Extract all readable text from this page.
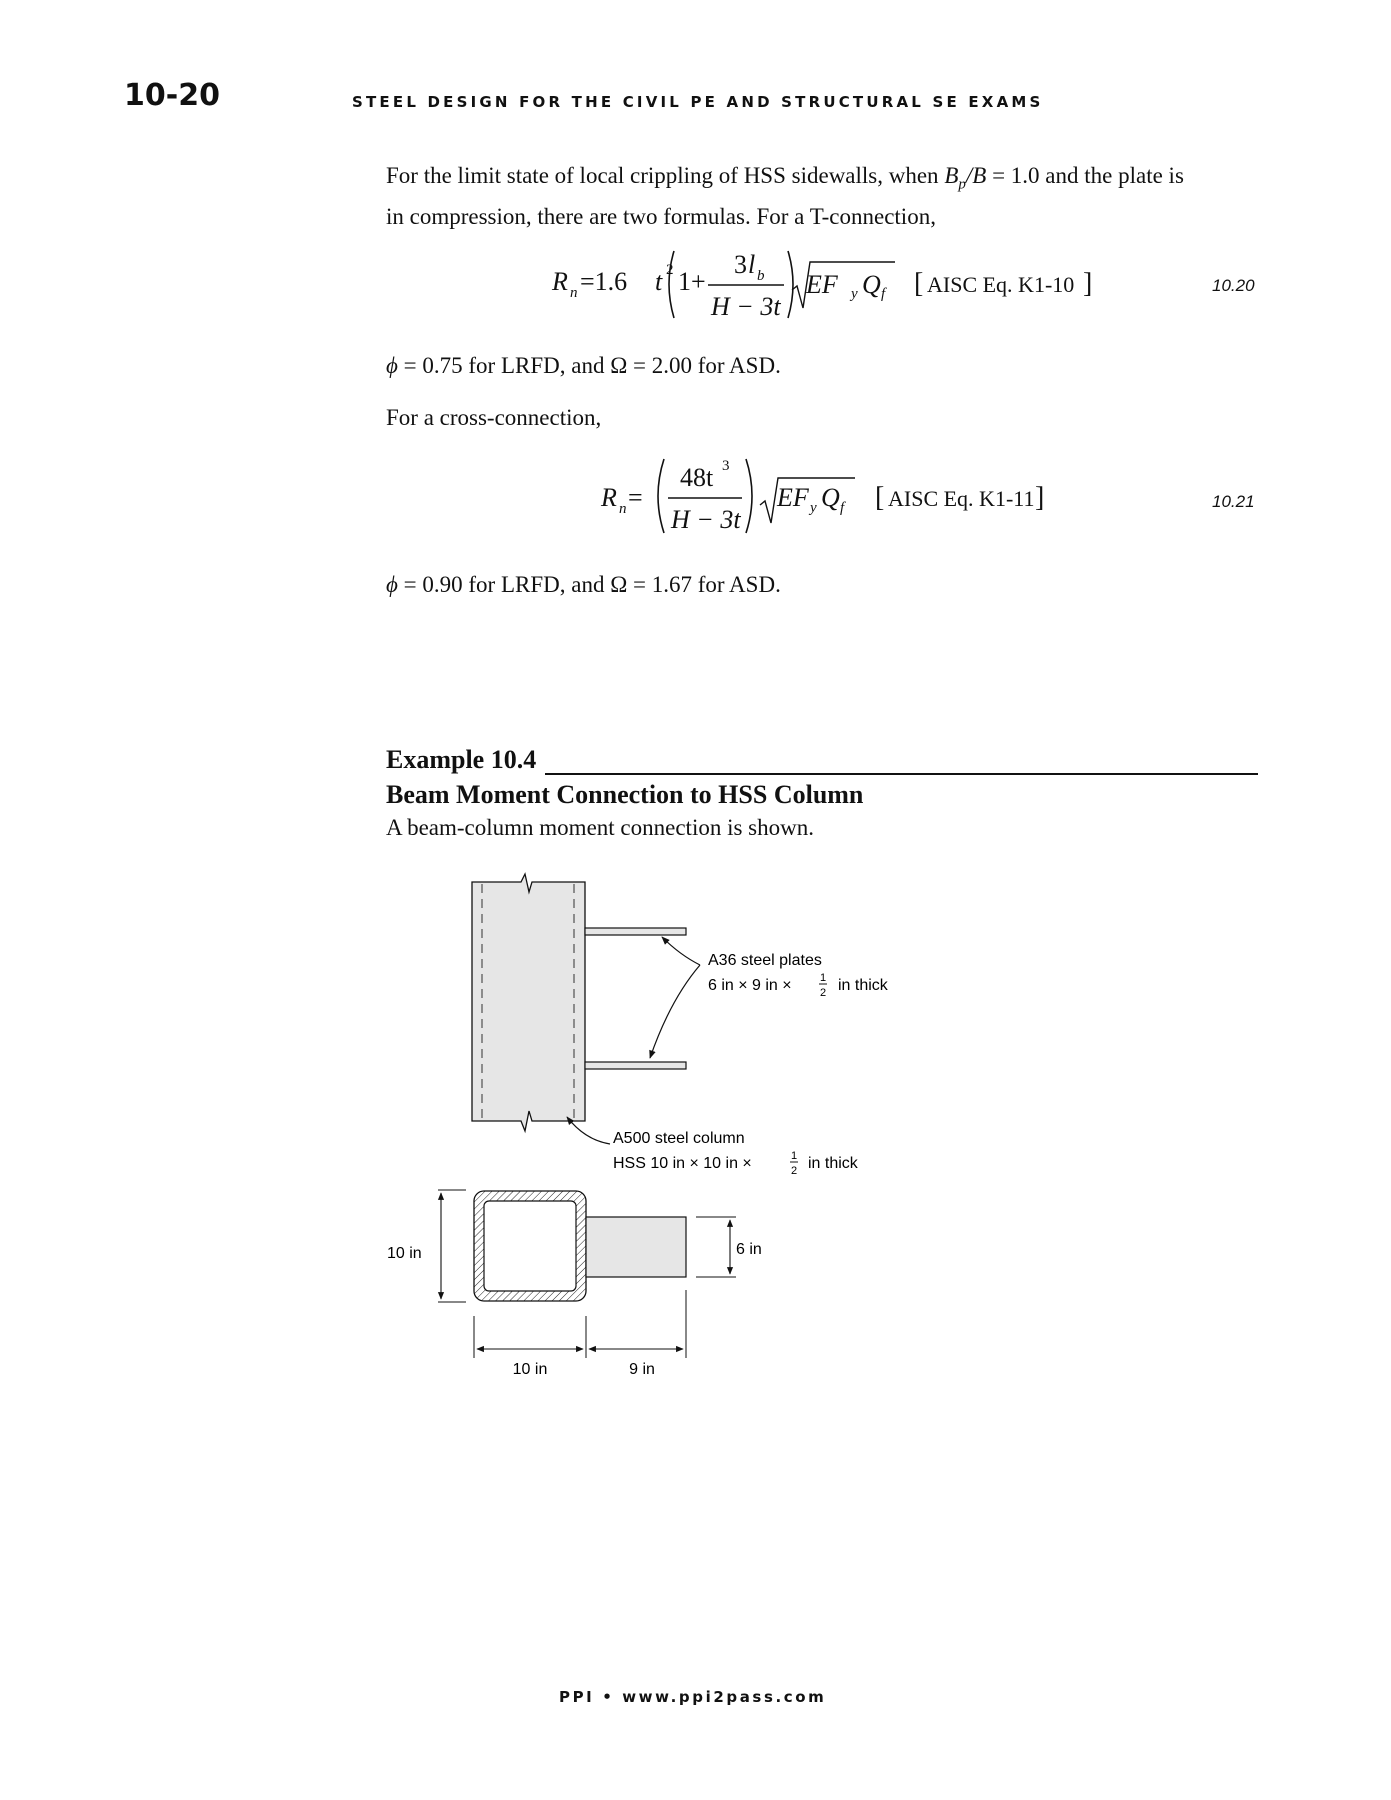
10-20	STEEL DESIGN FOR THE CIVIL PE AND STRUCTURAL SE EXAMS
For the limit state of local crippling of HSS sidewalls, when $B_p/B = 1.0$ and the plate is
in compression, there are two formulas. For a T-connection,
R n =1.6 t 2 1+
3 l b
H − 3t
EF y Q f [ AISC Eq. K1-10 ]	10.20
ϕ = 0.75 for LRFD, and Ω = 2.00 for ASD.
For a cross-connection,
R n =
48t 3
H − 3t
EF y Q f [ AISC Eq. K1-11 ]	10.21
ϕ = 0.90 for LRFD, and Ω = 1.67 for ASD.
Example 10.4
Beam Moment Connection to HSS Column
A beam-column moment connection is shown.
A36 steel plates
6 in × 9 in ×	1
2 in thick
A500 steel column
HSS 10 in × 10 in ×	1
2 in thick
10 in	6 in
10 in	9 in
PPI • www.ppi2pass.com
